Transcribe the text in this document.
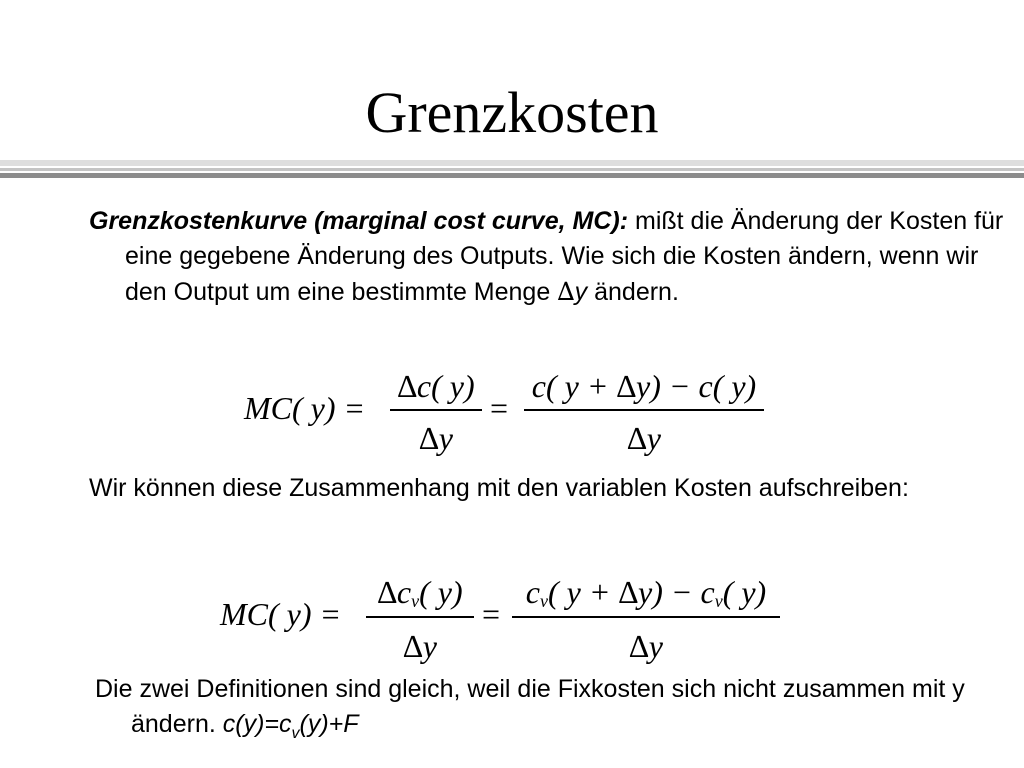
Grenzkosten
Grenzkostenkurve (marginal cost curve, MC): mißt die Änderung der Kosten für eine gegebene Änderung des Outputs. Wie sich die Kosten ändern, wenn wir den Output um eine bestimmte Menge ∆y ändern.
MC( y) =
∆c( y)
∆y
=
c( y + ∆y) − c( y)
∆y
Wir können diese Zusammenhang mit den variablen Kosten aufschreiben:
MC( y) =
$\Delta c_v$( y)
∆y
=
$c_v$( $y + \Delta y) - c_v$( y)
∆y
Die zwei Definitionen sind gleich, weil die Fixkosten sich nicht zusammen mit y ändern. $c(y)=c_v(y)+F$
